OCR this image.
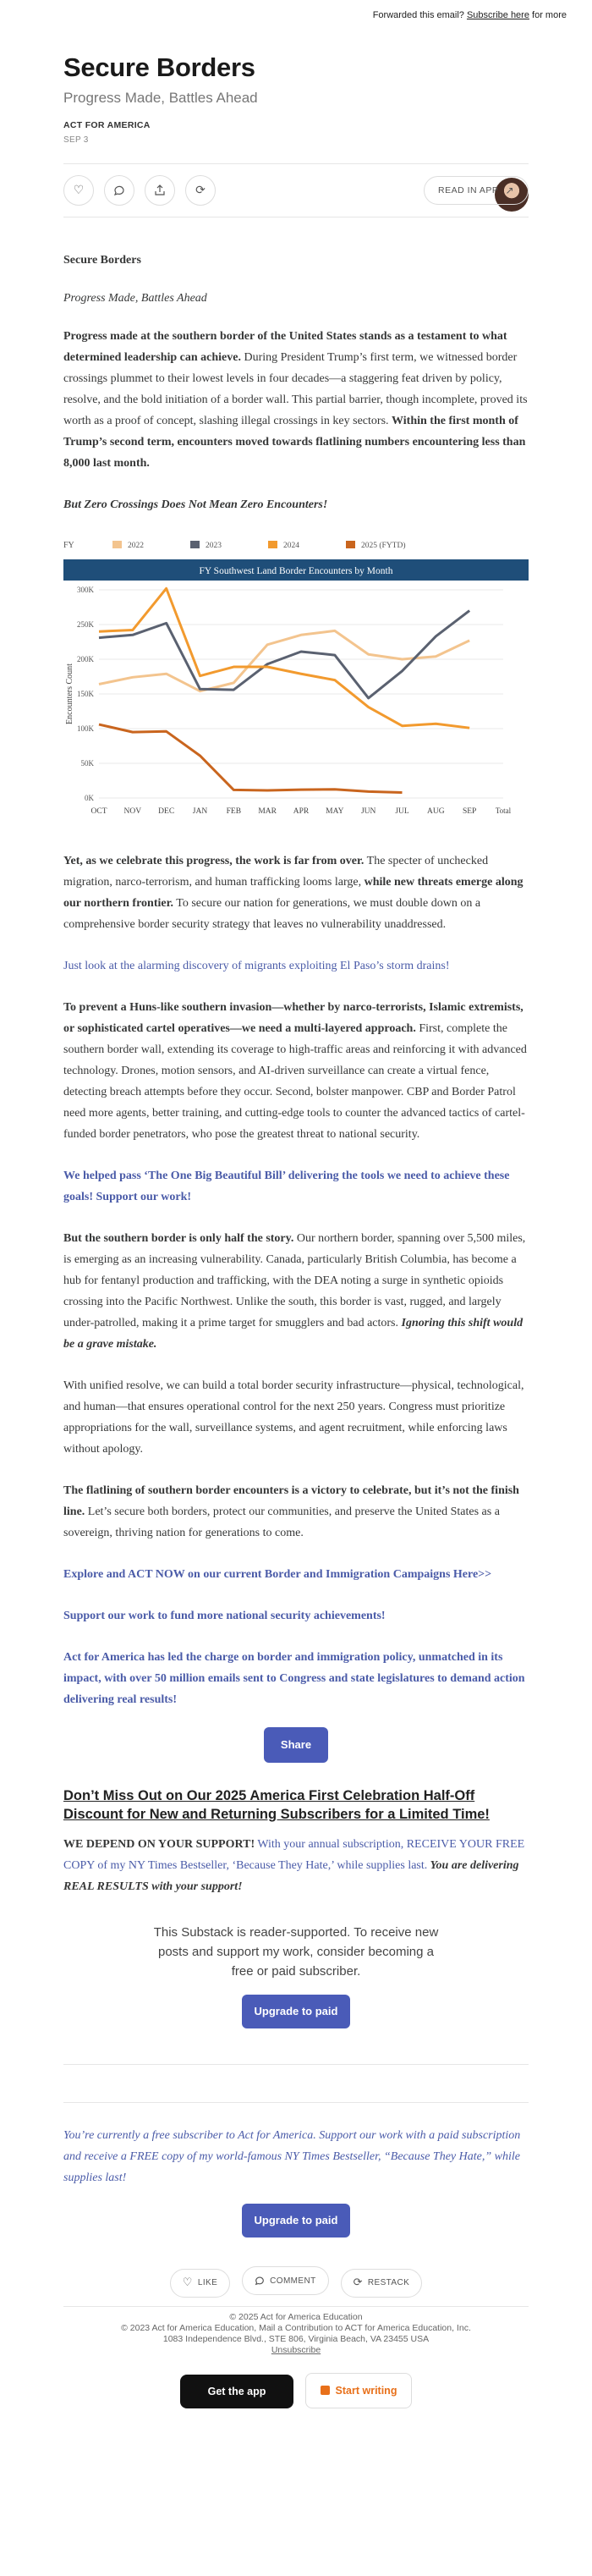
Forwarded this email? Subscribe here for more
Secure Borders
Progress Made, Battles Ahead
ACT FOR AMERICA
SEP 3
♡	⟳	READ IN APP ↗

Secure Borders

Progress Made, Battles Ahead

Progress made at the southern border of the United States stands as a testament to what determined leadership can achieve. During President Trump’s first term, we witnessed border crossings plummet to their lowest levels in four decades—a staggering feat driven by policy, resolve, and the bold initiation of a border wall. This partial barrier, though incomplete, proved its worth as a proof of concept, slashing illegal crossings in key sectors. Within the first month of Trump’s second term, encounters moved towards flatlining numbers encountering less than 8,000 last month.

But Zero Crossings Does Not Mean Zero Encounters!

FY	2022	2023	2024	2025 (FYTD)
FY Southwest Land Border Encounters by Month
0K
50K
100K
150K
200K
250K
300K
Encounters Count
OCT NOV DEC JAN FEB MAR APR MAY JUN JUL AUG SEP Total

Yet, as we celebrate this progress, the work is far from over. The specter of unchecked migration, narco-terrorism, and human trafficking looms large, while new threats emerge along our northern frontier. To secure our nation for generations, we must double down on a comprehensive border security strategy that leaves no vulnerability unaddressed.

Just look at the alarming discovery of migrants exploiting El Paso’s storm drains!

To prevent a Huns-like southern invasion—whether by narco-terrorists, Islamic extremists, or sophisticated cartel operatives—we need a multi-layered approach. First, complete the southern border wall, extending its coverage to high-traffic areas and reinforcing it with advanced technology. Drones, motion sensors, and AI-driven surveillance can create a virtual fence, detecting breach attempts before they occur. Second, bolster manpower. CBP and Border Patrol need more agents, better training, and cutting-edge tools to counter the advanced tactics of cartel-funded border penetrators, who pose the greatest threat to national security.

We helped pass ‘The One Big Beautiful Bill’ delivering the tools we need to achieve these goals! Support our work!

But the southern border is only half the story. Our northern border, spanning over 5,500 miles, is emerging as an increasing vulnerability. Canada, particularly British Columbia, has become a hub for fentanyl production and trafficking, with the DEA noting a surge in synthetic opioids crossing into the Pacific Northwest. Unlike the south, this border is vast, rugged, and largely under-patrolled, making it a prime target for smugglers and bad actors. Ignoring this shift would be a grave mistake.

With unified resolve, we can build a total border security infrastructure—physical, technological, and human—that ensures operational control for the next 250 years. Congress must prioritize appropriations for the wall, surveillance systems, and agent recruitment, while enforcing laws without apology.

The flatlining of southern border encounters is a victory to celebrate, but it’s not the finish line. Let’s secure both borders, protect our communities, and preserve the United States as a sovereign, thriving nation for generations to come.

Explore and ACT NOW on our current Border and Immigration Campaigns Here>>

Support our work to fund more national security achievements!

Act for America has led the charge on border and immigration policy, unmatched in its impact, with over 50 million emails sent to Congress and state legislatures to demand action delivering real results!

Share
Don’t Miss Out on Our 2025 America First Celebration Half-Off Discount for New and Returning Subscribers for a Limited Time!

WE DEPEND ON YOUR SUPPORT! With your annual subscription, RECEIVE YOUR FREE COPY of my NY Times Bestseller, ‘Because They Hate,’ while supplies last. You are delivering REAL RESULTS with your support!

This Substack is reader-supported. To receive new posts and support my work, consider becoming a free or paid subscriber.
Upgrade to paid

You’re currently a free subscriber to Act for America. Support our work with a paid subscription and receive a FREE copy of my world-famous NY Times Bestseller, “Because They Hate,” while supplies last!

Upgrade to paid
♡ LIKE
	COMMENT
	⟳ RESTACK
© 2025 Act for America Education
© 2023 Act for America Education, Mail a Contribution to ACT for America Education, Inc.
1083 Independence Blvd., STE 806, Virginia Beach, VA 23455 USA
Unsubscribe
Get the app	Start writing
